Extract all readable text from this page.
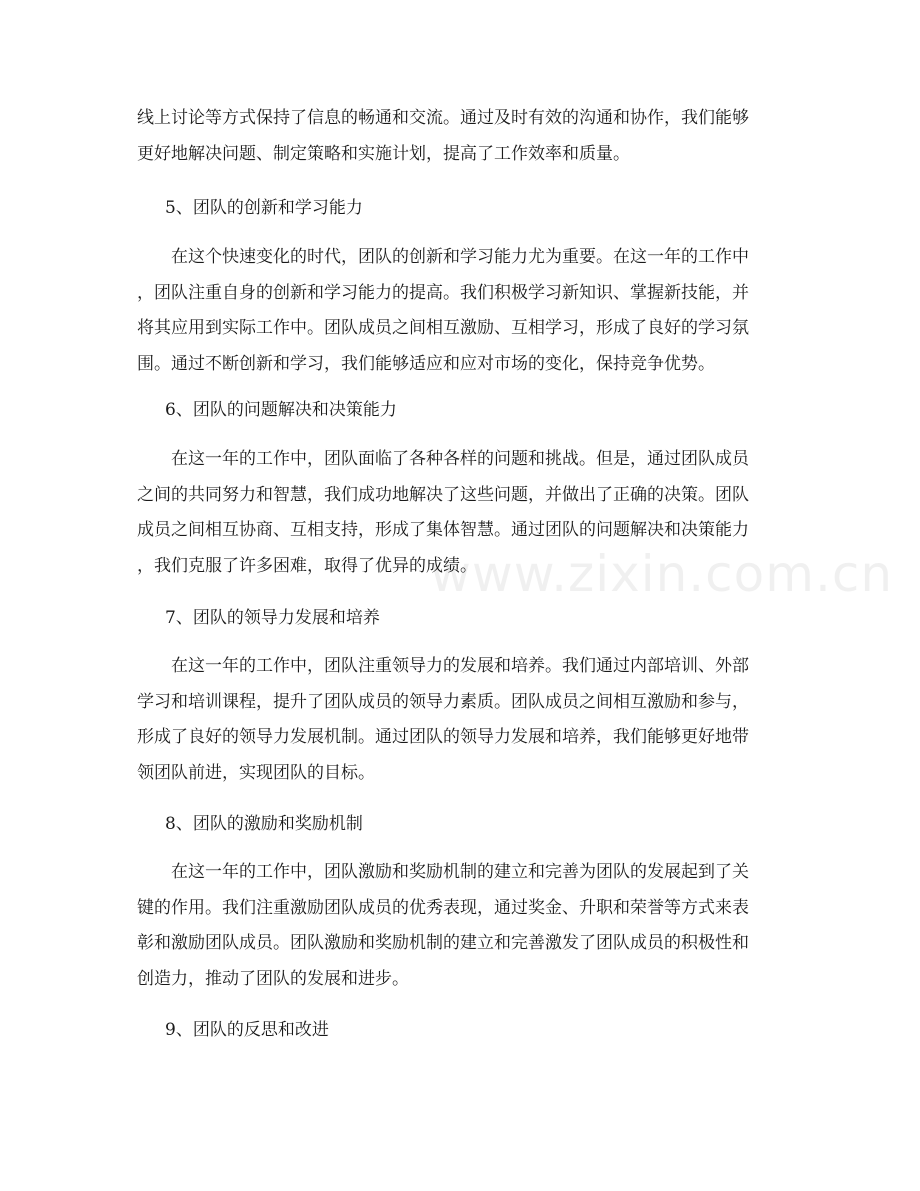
www.zixin.com.cn
线上讨论等方式保持了信息的畅通和交流。通过及时有效的沟通和协作，我们能够
更好地解决问题、制定策略和实施计划，提高了工作效率和质量。
5、团队的创新和学习能力
在这个快速变化的时代，团队的创新和学习能力尤为重要。在这一年的工作中
，团队注重自身的创新和学习能力的提高。我们积极学习新知识、掌握新技能，并
将其应用到实际工作中。团队成员之间相互激励、互相学习，形成了良好的学习氛
围。通过不断创新和学习，我们能够适应和应对市场的变化，保持竞争优势。
6、团队的问题解决和决策能力
在这一年的工作中，团队面临了各种各样的问题和挑战。但是，通过团队成员
之间的共同努力和智慧，我们成功地解决了这些问题，并做出了正确的决策。团队
成员之间相互协商、互相支持，形成了集体智慧。通过团队的问题解决和决策能力
，我们克服了许多困难，取得了优异的成绩。
7、团队的领导力发展和培养
在这一年的工作中，团队注重领导力的发展和培养。我们通过内部培训、外部
学习和培训课程，提升了团队成员的领导力素质。团队成员之间相互激励和参与，
形成了良好的领导力发展机制。通过团队的领导力发展和培养，我们能够更好地带
领团队前进，实现团队的目标。
8、团队的激励和奖励机制
在这一年的工作中，团队激励和奖励机制的建立和完善为团队的发展起到了关
键的作用。我们注重激励团队成员的优秀表现，通过奖金、升职和荣誉等方式来表
彰和激励团队成员。团队激励和奖励机制的建立和完善激发了团队成员的积极性和
创造力，推动了团队的发展和进步。
9、团队的反思和改进
